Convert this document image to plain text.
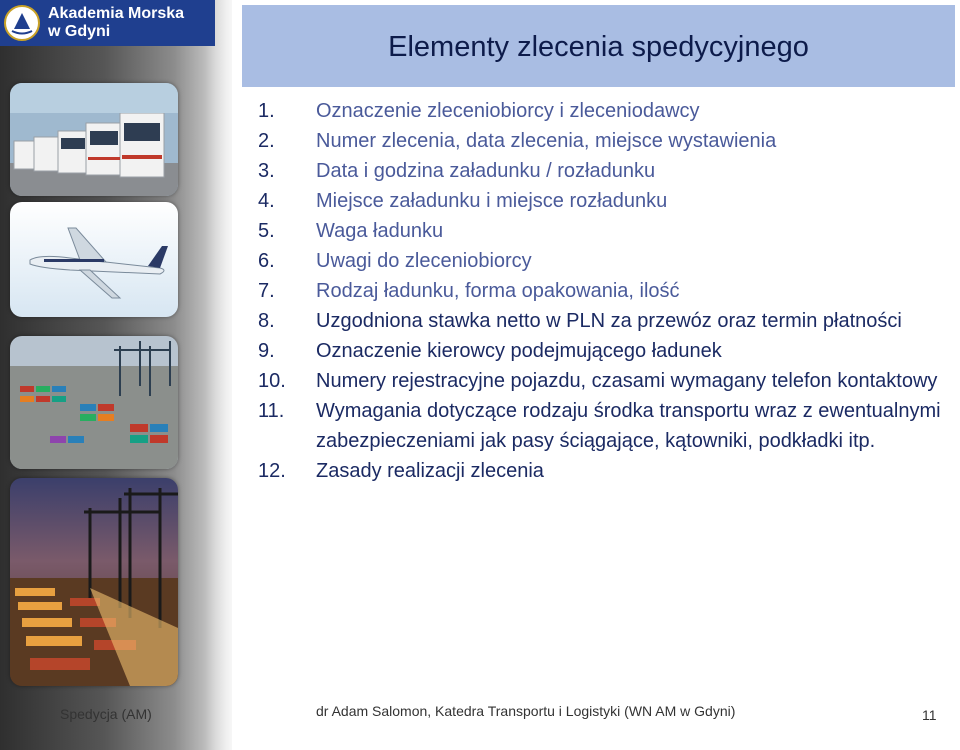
Akademia Morska
w Gdyni	Elementy zlecenia spedycyjnego
1.	Oznaczenie zleceniobiorcy i zleceniodawcy
2.	Numer zlecenia, data zlecenia, miejsce wystawienia
3.	Data i godzina załadunku / rozładunku
4.	Miejsce załadunku i miejsce rozładunku
5.	Waga ładunku
6.	Uwagi do zleceniobiorcy
7.	Rodzaj ładunku, forma opakowania, ilość
8.	Uzgodniona stawka netto w PLN za przewóz oraz termin płatności
9.	Oznaczenie kierowcy podejmującego ładunek
10.	Numery rejestracyjne pojazdu, czasami wymagany telefon kontaktowy
11.	Wymagania dotyczące rodzaju środka transportu wraz z ewentualnymi zabezpieczeniami jak pasy ściągające, kątowniki, podkładki itp.
12.	Zasady realizacji zlecenia
Spedycja (AM)	dr Adam Salomon, Katedra Transportu i Logistyki (WN AM w Gdyni)	11
